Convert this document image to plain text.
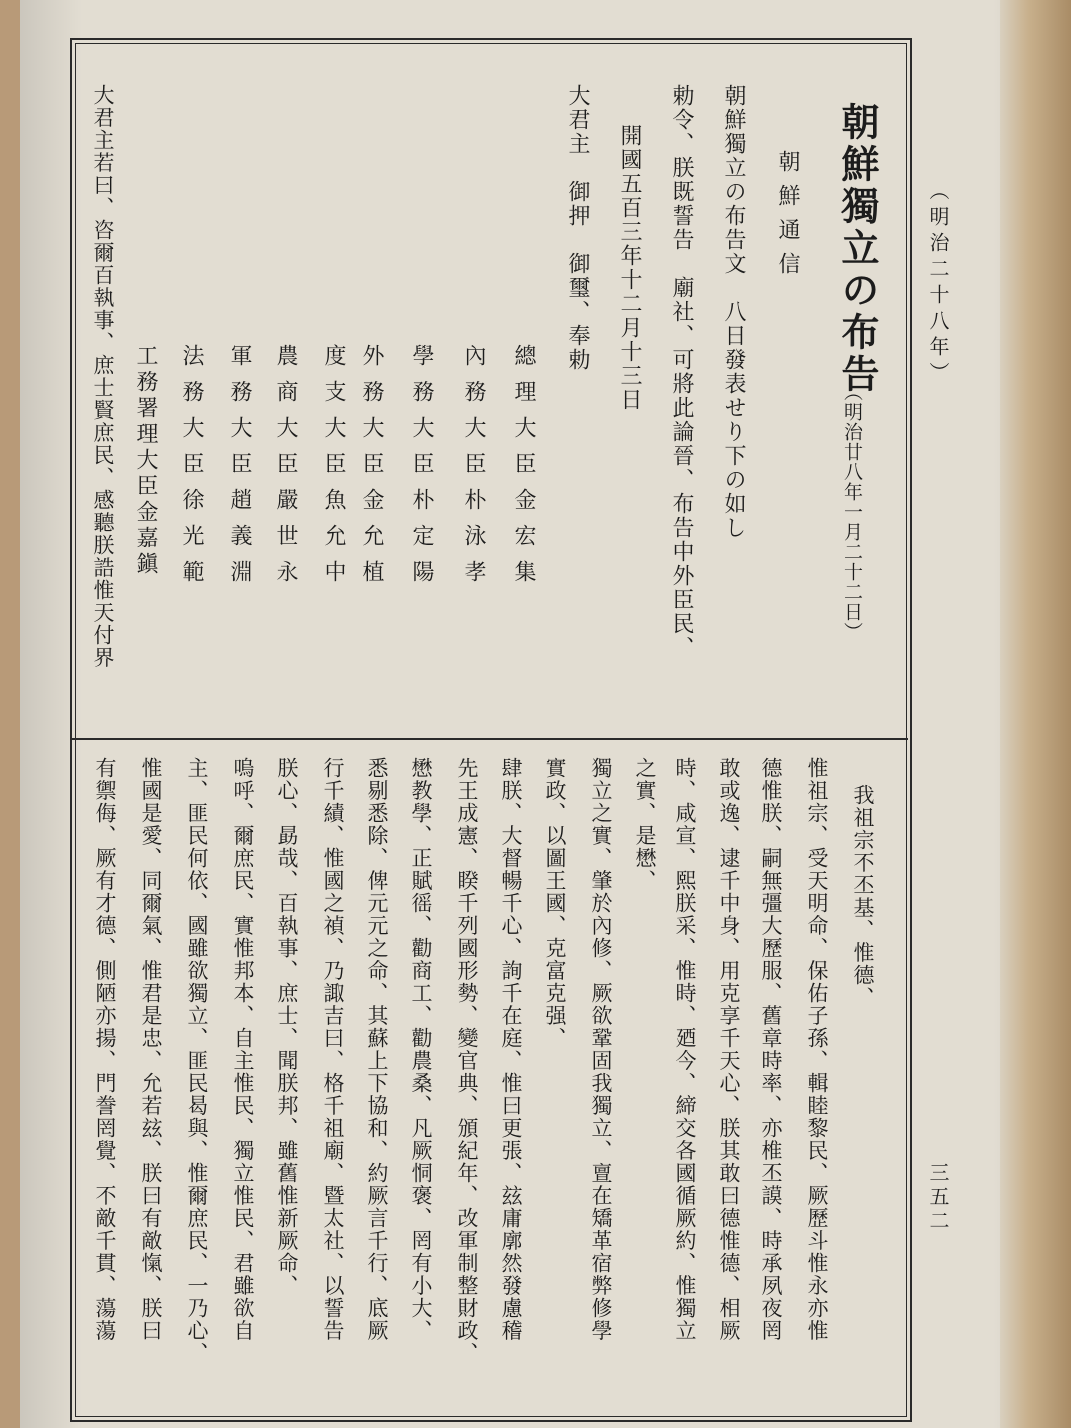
（明治二十八年）
三五二
朝鮮獨立の布告
（明治廿八年一月二十二日）
朝鮮通信
朝鮮獨立の布告文　八日發表せり下の如し
勅令、朕既誓告　廟社、可將此論晉、布告中外臣民、
開國五百三年十二月十三日
大君主　御押　御璽、奉勅
總理大臣金宏集
內務大臣朴泳孝
學務大臣朴定陽
外務大臣金允植
度支大臣魚允中
農商大臣嚴世永
軍務大臣趙義淵
法務大臣徐光範
工務署理大臣金嘉鎭
大君主若曰、咨爾百執事、庶士賢庶民、感聽朕誥惟天付界
我祖宗不丕基、惟德、
惟祖宗、受天明命、保佑子孫、輯睦黎民、厥歷斗惟永亦惟
德惟朕、嗣無彊大歷服、舊章時率、亦椎丕謨、時承夙夜罔
敢或逸、逮千中身、用克享千天心、朕其敢曰德惟德、相厥
時、咸宣、熙朕采、惟時、廼今、締交各國循厥約、惟獨立
之實、是懋、
獨立之實、肇於內修、厥欲鞏固我獨立、亶在矯革宿弊修學
實政、以圖王國、克富克强、
肆朕、大督暢千心、詢千在庭、惟曰更張、玆庸廓然發慮稽
先王成憲、睽千列國形勢、變官典、頒紀年、改軍制整財政、
懋教學、正賦徭、勸商工、勸農桑、凡厥恫褒、罔有小大、
悉剔悉除、俾元元之命、其蘇上下協和、約厥言千行、底厥
行千績、惟國之禎、乃諏吉曰、格千祖廟、暨太社、以誓告
朕心、勗哉、百執事、庶士、聞朕邦、雖舊惟新厥命、
嗚呼、爾庶民、實惟邦本、自主惟民、獨立惟民、君雖欲自
主、匪民何依、國雖欲獨立、匪民曷與、惟爾庶民、一乃心、
惟國是愛、同爾氣、惟君是忠、允若玆、朕曰有敵愾、朕曰
有禦侮、厥有才德、側陋亦揚、門誊罔覺、不敵千貫、蕩蕩
